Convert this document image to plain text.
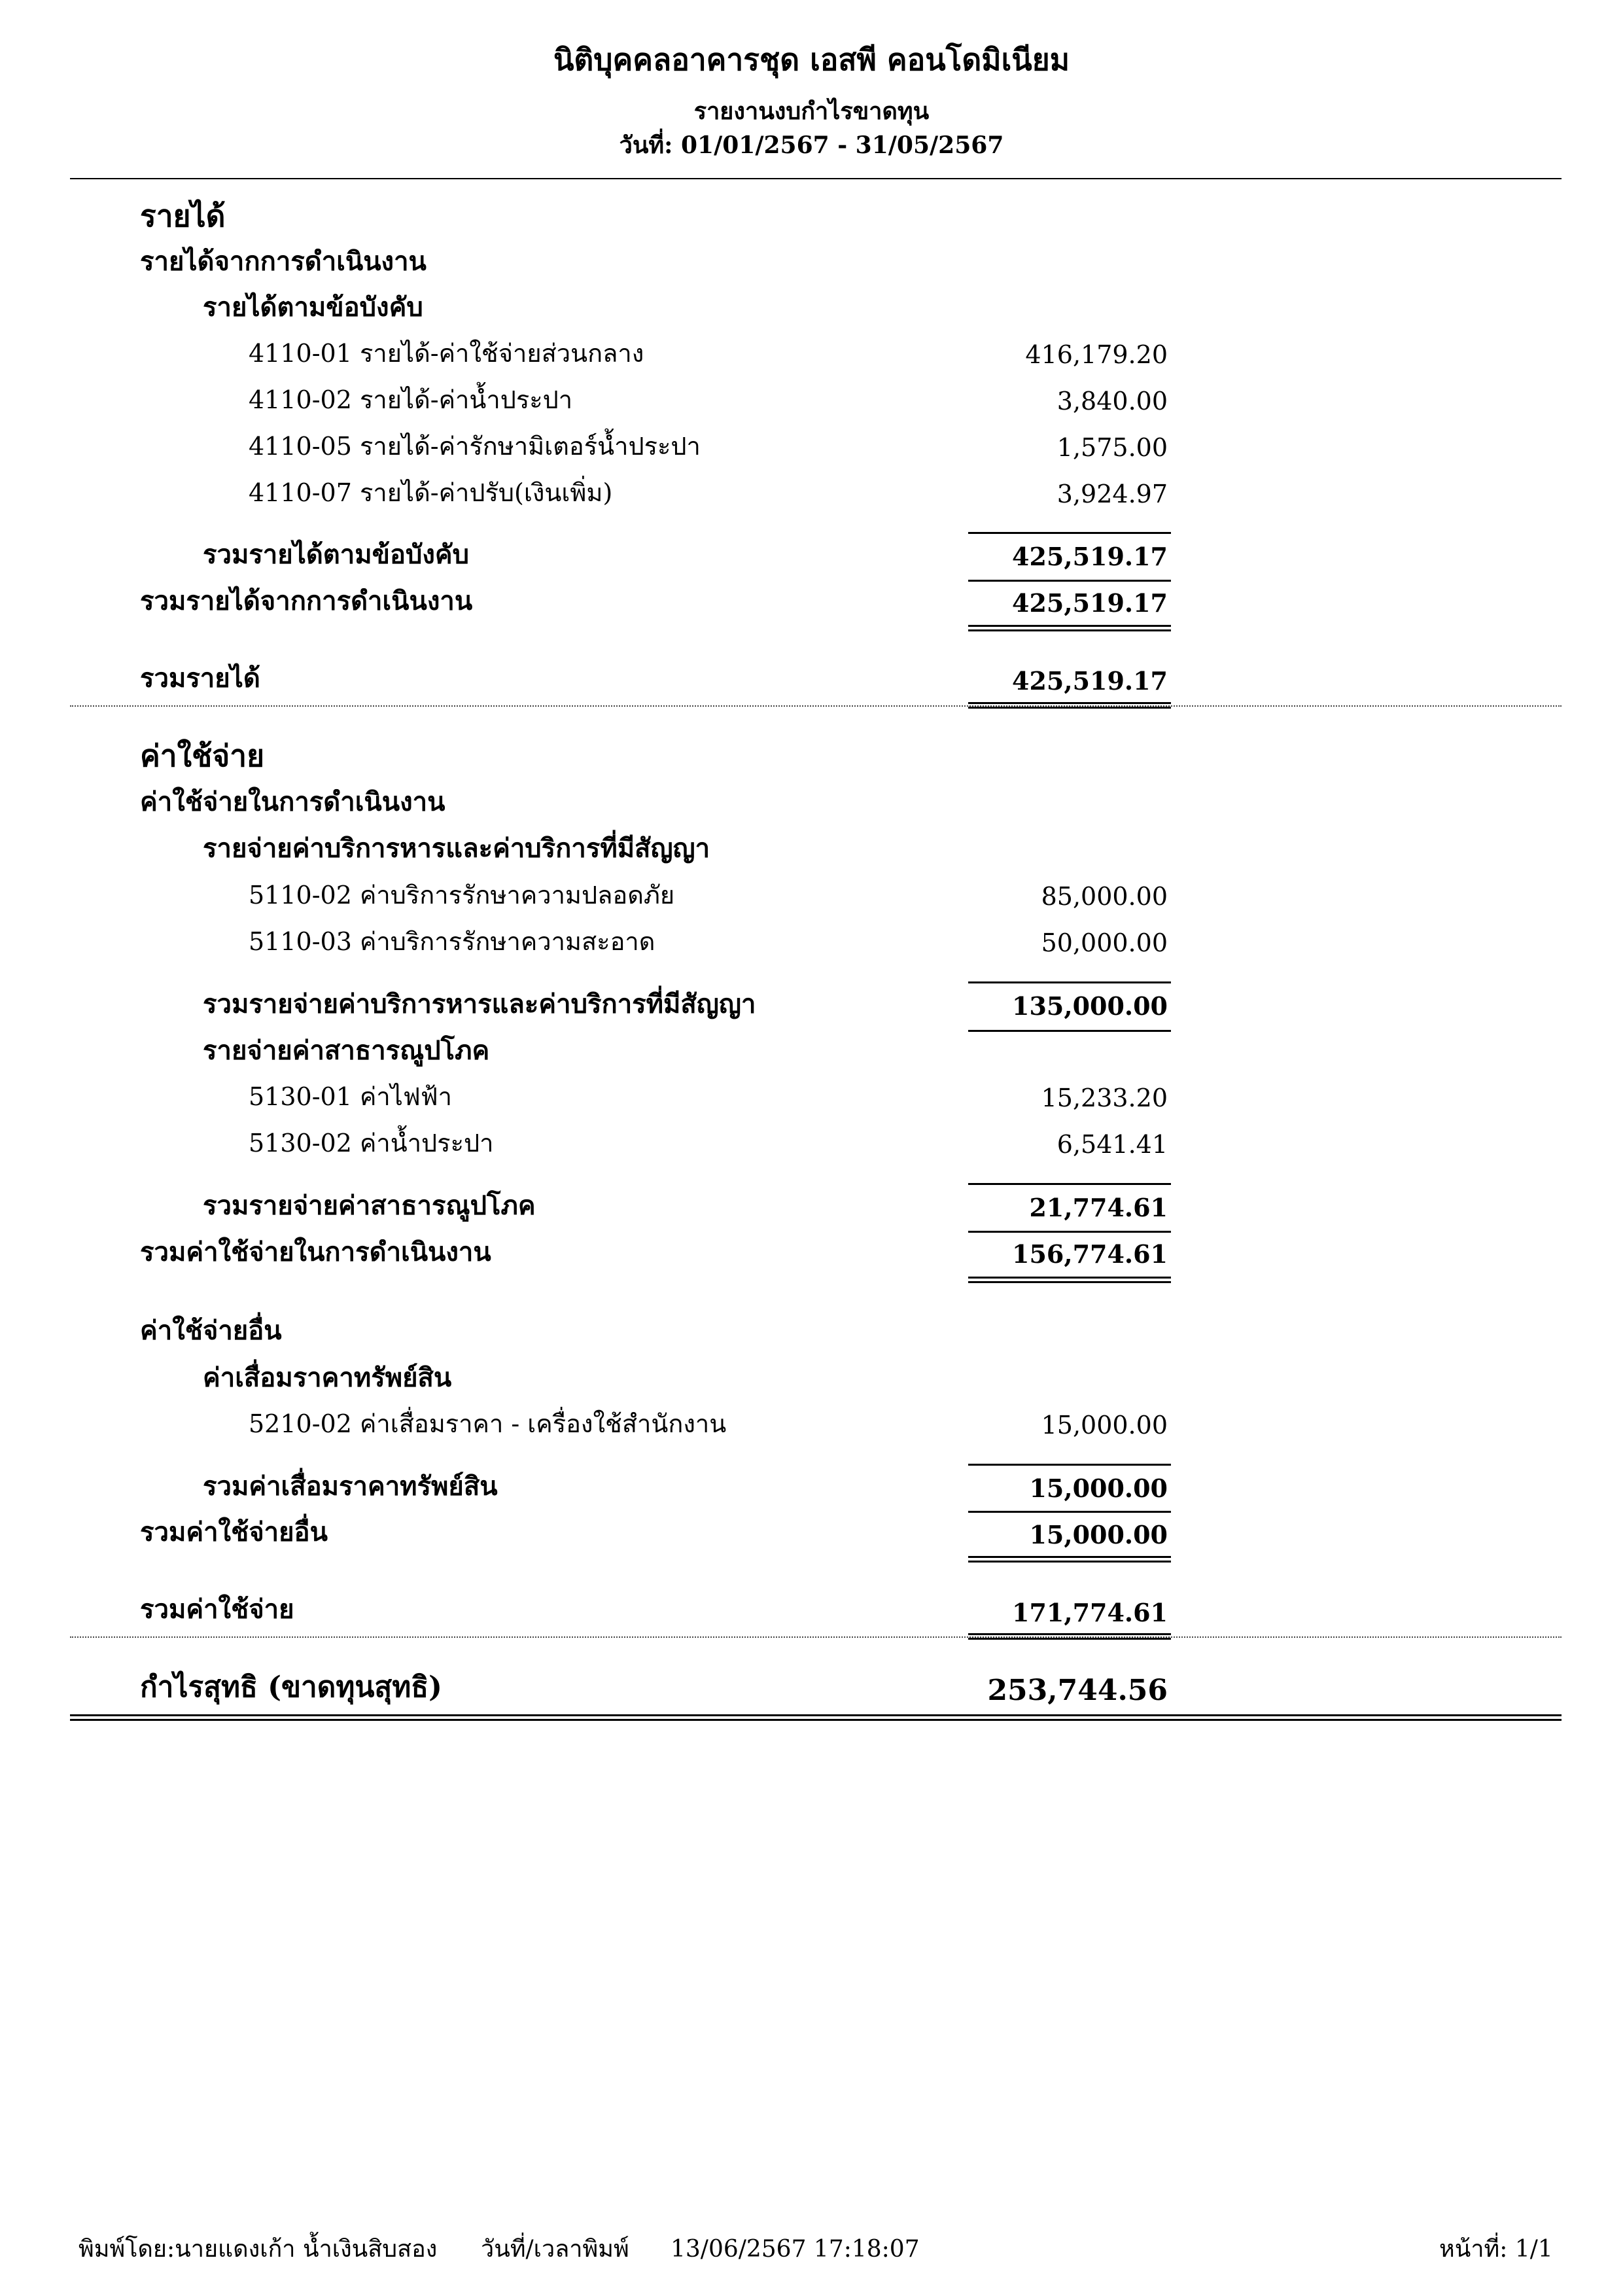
นิติบุคคลอาคารชุด เอสพี คอนโดมิเนียม
รายงานงบกำไรขาดทุน
วันที่: 01/01/2567 - 31/05/2567
รายได้
รายได้จากการดำเนินงาน
รายได้ตามข้อบังคับ
4110-01 รายได้-ค่าใช้จ่ายส่วนกลาง	416,179.20
4110-02 รายได้-ค่าน้ำประปา	3,840.00
4110-05 รายได้-ค่ารักษามิเตอร์น้ำประปา	1,575.00
4110-07 รายได้-ค่าปรับ(เงินเพิ่ม)	3,924.97
รวมรายได้ตามข้อบังคับ	425,519.17
รวมรายได้จากการดำเนินงาน	425,519.17
รวมรายได้	425,519.17
ค่าใช้จ่าย
ค่าใช้จ่ายในการดำเนินงาน
รายจ่ายค่าบริการหารและค่าบริการที่มีสัญญา
5110-02 ค่าบริการรักษาความปลอดภัย	85,000.00
5110-03 ค่าบริการรักษาความสะอาด	50,000.00
รวมรายจ่ายค่าบริการหารและค่าบริการที่มีสัญญา	135,000.00
รายจ่ายค่าสาธารณูปโภค
5130-01 ค่าไฟฟ้า	15,233.20
5130-02 ค่าน้ำประปา	6,541.41
รวมรายจ่ายค่าสาธารณูปโภค	21,774.61
รวมค่าใช้จ่ายในการดำเนินงาน	156,774.61
ค่าใช้จ่ายอื่น
ค่าเสื่อมราคาทรัพย์สิน
5210-02 ค่าเสื่อมราคา - เครื่องใช้สำนักงาน	15,000.00
รวมค่าเสื่อมราคาทรัพย์สิน	15,000.00
รวมค่าใช้จ่ายอื่น	15,000.00
รวมค่าใช้จ่าย	171,774.61
กำไรสุทธิ (ขาดทุนสุทธิ)	253,744.56
พิมพ์โดย:นายแดงเก้า น้ำเงินสิบสอง วันที่/เวลาพิมพ์ 13/06/2567 17:18:07	หน้าที่: 1/1
